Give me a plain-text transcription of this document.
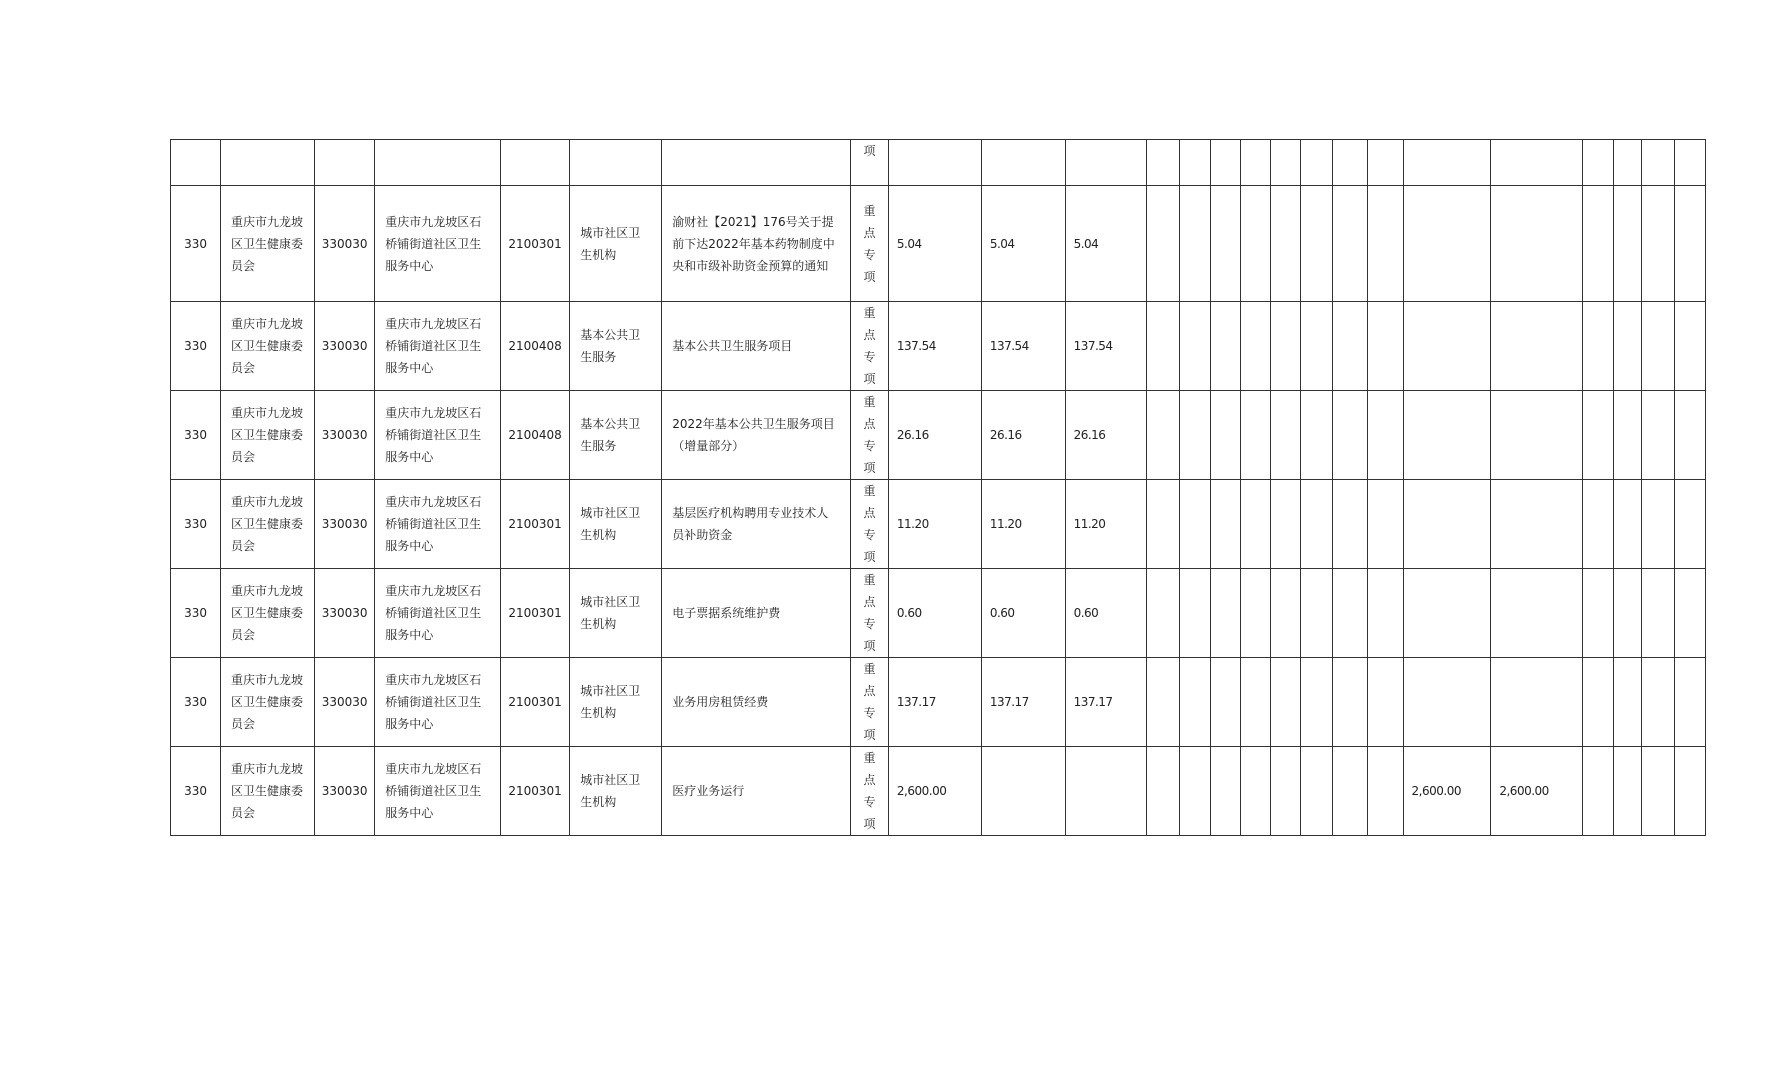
							项																	

330	重庆市九龙坡区卫生健康委员会	330030	重庆市九龙坡区石桥铺街道社区卫生服务中心	2100301	城市社区卫生机构	渝财社【2021】176号关于提前下达2022年基本药物制度中央和市级补助资金预算的通知	重
点
专
项	5.04	5.04	5.04														
330	重庆市九龙坡区卫生健康委员会	330030	重庆市九龙坡区石桥铺街道社区卫生服务中心	2100408	基本公共卫生服务	基本公共卫生服务项目	重
点
专
项	137.54	137.54	137.54														
330	重庆市九龙坡区卫生健康委员会	330030	重庆市九龙坡区石桥铺街道社区卫生服务中心	2100408	基本公共卫生服务	2022年基本公共卫生服务项目（增量部分）	重
点
专
项	26.16	26.16	26.16														
330	重庆市九龙坡区卫生健康委员会	330030	重庆市九龙坡区石桥铺街道社区卫生服务中心	2100301	城市社区卫生机构	基层医疗机构聘用专业技术人员补助资金	重
点
专
项	11.20	11.20	11.20														
330	重庆市九龙坡区卫生健康委员会	330030	重庆市九龙坡区石桥铺街道社区卫生服务中心	2100301	城市社区卫生机构	电子票据系统维护费	重
点
专
项	0.60	0.60	0.60														
330	重庆市九龙坡区卫生健康委员会	330030	重庆市九龙坡区石桥铺街道社区卫生服务中心	2100301	城市社区卫生机构	业务用房租赁经费	重
点
专
项	137.17	137.17	137.17														
330	重庆市九龙坡区卫生健康委员会	330030	重庆市九龙坡区石桥铺街道社区卫生服务中心	2100301	城市社区卫生机构	医疗业务运行	重
点
专
项	2,600.00											2,600.00	2,600.00				
